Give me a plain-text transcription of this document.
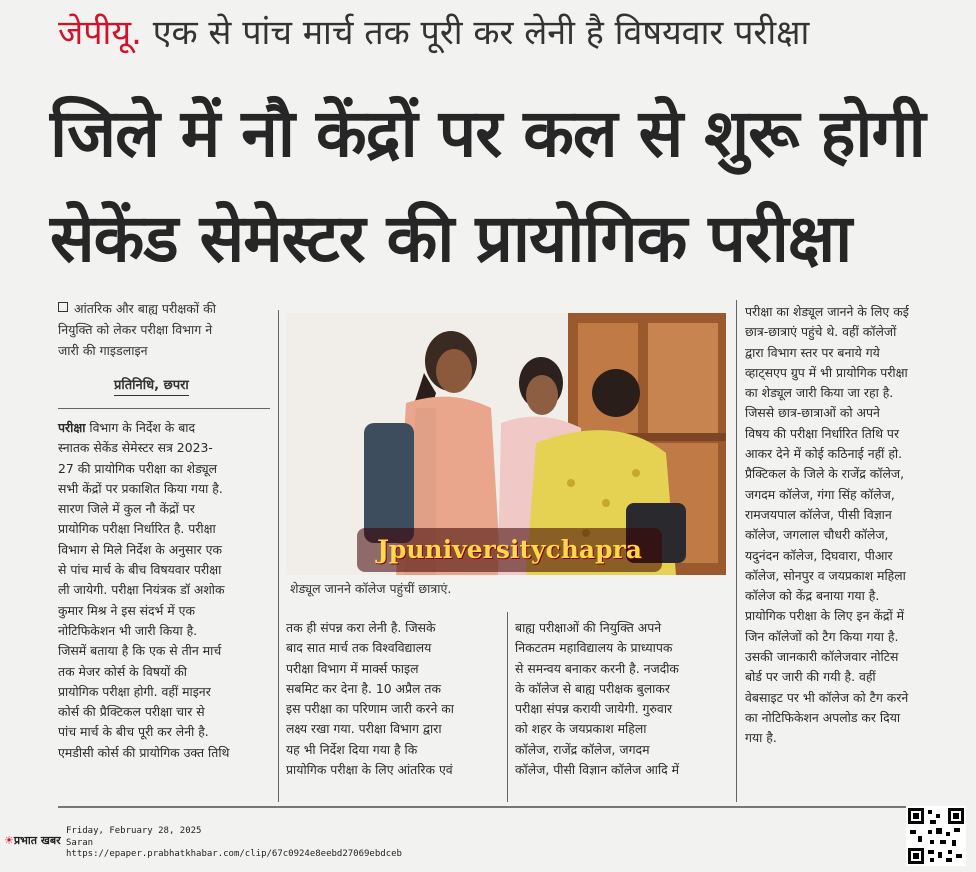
जेपीयू. एक से पांच मार्च तक पूरी कर लेनी है विषयवार परीक्षा
जिले में नौ केंद्रों पर कल से शुरू होगी
सेकेंड सेमेस्टर की प्रायोगिक परीक्षा
आंतरिक और बाह्य परीक्षकों की
नियुक्ति को लेकर परीक्षा विभाग ने
जारी की गाइडलाइन
प्रतिनिधि, छपरा
परीक्षा विभाग के निर्देश के बाद
स्नातक सेकेंड सेमेस्टर सत्र 2023-
27 की प्रायोगिक परीक्षा का शेड्यूल
सभी केंद्रों पर प्रकाशित किया गया है.
सारण जिले में कुल नौ केंद्रों पर
प्रायोगिक परीक्षा निर्धारित है. परीक्षा
विभाग से मिले निर्देश के अनुसार एक
से पांच मार्च के बीच विषयवार परीक्षा
ली जायेगी. परीक्षा नियंत्रक डॉ अशोक
कुमार मिश्र ने इस संदर्भ में एक
नोटिफिकेशन भी जारी किया है.
जिसमें बताया है कि एक से तीन मार्च
तक मेजर कोर्स के विषयों की
प्रायोगिक परीक्षा होगी. वहीं माइनर
कोर्स की प्रैक्टिकल परीक्षा चार से
पांच मार्च के बीच पूरी कर लेनी है.
एमडीसी कोर्स की प्रायोगिक उक्त तिथि
Jpuniversitychapra
शेड्यूल जानने कॉलेज पहुंचीं छात्राएं.
तक ही संपन्न करा लेनी है. जिसके
बाद सात मार्च तक विश्वविद्यालय
परीक्षा विभाग में मार्क्स फाइल
सबमिट कर देना है. 10 अप्रैल तक
इस परीक्षा का परिणाम जारी करने का
लक्ष्य रखा गया. परीक्षा विभाग द्वारा
यह भी निर्देश दिया गया है कि
प्रायोगिक परीक्षा के लिए आंतरिक एवं
बाह्य परीक्षाओं की नियुक्ति अपने
निकटतम महाविद्यालय के प्राध्यापक
से समन्वय बनाकर करनी है. नजदीक
के कॉलेज से बाह्य परीक्षक बुलाकर
परीक्षा संपन्न करायी जायेगी. गुरुवार
को शहर के जयप्रकाश महिला
कॉलेज, राजेंद्र कॉलेज, जगदम
कॉलेज, पीसी विज्ञान कॉलेज आदि में
परीक्षा का शेड्यूल जानने के लिए कई
छात्र-छात्राएं पहुंचे थे. वहीं कॉलेजों
द्वारा विभाग स्तर पर बनाये गये
व्हाट्सएप ग्रुप में भी प्रायोगिक परीक्षा
का शेड्यूल जारी किया जा रहा है.
जिससे छात्र-छात्राओं को अपने
विषय की परीक्षा निर्धारित तिथि पर
आकर देने में कोई कठिनाई नहीं हो.
प्रैक्टिकल के जिले के राजेंद्र कॉलेज,
जगदम कॉलेज, गंगा सिंह कॉलेज,
रामजयपाल कॉलेज, पीसी विज्ञान
कॉलेज, जगलाल चौधरी कॉलेज,
यदुनंदन कॉलेज, दिघवारा, पीआर
कॉलेज, सोनपुर व जयप्रकाश महिला
कॉलेज को केंद्र बनाया गया है.
प्रायोगिक परीक्षा के लिए इन केंद्रों में
जिन कॉलेजों को टैग किया गया है.
उसकी जानकारी कॉलेजवार नोटिस
बोर्ड पर जारी की गयी है. वहीं
वेबसाइट पर भी कॉलेज को टैग करने
का नोटिफिकेशन अपलोड कर दिया
गया है.
☀प्रभात खबर
Friday, February 28, 2025
Saran
https://epaper.prabhatkhabar.com/clip/67c0924e8eebd27069ebdceb
